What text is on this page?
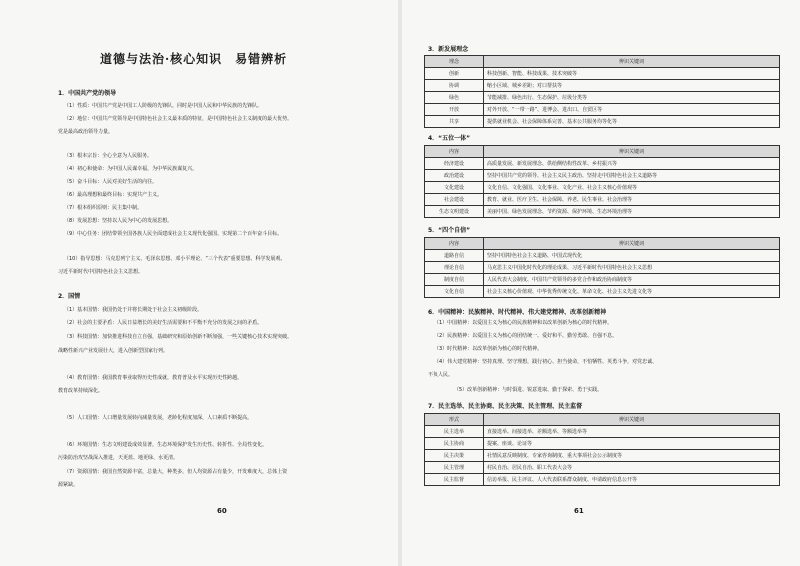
道德与法治·核心知识　易错辨析
1．中国共产党的领导
（1）性质：中国共产党是中国工人阶级的先锋队，同时是中国人民和中华民族的先锋队。
（2）地位：中国共产党领导是中国特色社会主义最本质的特征，是中国特色社会主义制度的最大优势。
党是最高政治领导力量。
（3）根本宗旨：全心全意为人民服务。
（4）初心和使命：为中国人民谋幸福，为中华民族谋复兴。
（5）奋斗目标：人民对美好生活的向往。
（6）最高理想和最终目标：实现共产主义。
（7）根本组织原则：民主集中制。
（8）发展思想：坚持以人民为中心的发展思想。
（9）中心任务：团结带领全国各族人民全面建成社会主义现代化强国、实现第二个百年奋斗目标。
（10）指导思想：马克思列宁主义、毛泽东思想、邓小平理论、“三个代表”重要思想、科学发展观、
习近平新时代中国特色社会主义思想。
2．国情
（1）基本国情：我国仍处于并将长期处于社会主义初级阶段。
（2）社会的主要矛盾：人民日益增长的美好生活需要和不平衡不充分的发展之间的矛盾。
（3）科技国情：加快推进科技自立自强，基础研究和原始创新不断加强，一些关键核心技术实现突破。
战略性新兴产业发展壮大，进入创新型国家行列。
（4）教育国情：我国教育事业取得历史性成就，教育普及水平实现历史性跨越。
教育改革持续深化。
（5）人口国情：人口增量发展转向减量发展，老龄化程度加深，人口素质不断提高。
（6）环境国情：生态文明建设成效显著，生态环境保护发生历史性、转折性、全局性变化。
污染防治攻坚战深入推进，天更蓝、地更绿、水更清。
（7）资源国情：我国自然资源丰富，总量大，种类多，但人均资源占有量少，开发难度大，总体上资
源紧缺。
60
3．新发展理念
理念	辨识关键词
创新	科技创新、智能、科技成果、技术突破等
协调	缩小区域、城乡差距；对口帮扶等
绿色	节能减排、绿色出行、生态保护、垃圾分类等
开放	对外开放、“一带一路”、进博会、进出口、自贸区等
共享	提供就业机会、社会保障体系完善、基本公共服务均等化等
4．“五位一体”
内容	辨识关键词
经济建设	高质量发展、新发展理念、供给侧结构性改革、乡村振兴等
政治建设	坚持中国共产党的领导、社会主义民主政治、坚持走中国特色社会主义道路等
文化建设	文化自信、文化强国、文化事业、文化产业、社会主义核心价值观等
社会建设	教育、就业、医疗卫生、社会保障、养老、民生事业、社会治理等
生态文明建设	美丽中国、绿色发展理念、节约资源、保护环境、生态环境治理等
5．“四个自信”
内容	辨识关键词
道路自信	坚持中国特色社会主义道路、中国式现代化
理论自信	马克思主义中国化时代化的理论成果、习近平新时代中国特色社会主义思想
制度自信	人民代表大会制度、中国共产党领导的多党合作和政治协商制度等
文化自信	社会主义核心价值观、中华优秀传统文化、革命文化、社会主义先进文化等
6．中国精神：民族精神、时代精神、伟大建党精神、改革创新精神
（1）中国精神：以爱国主义为核心的民族精神和以改革创新为核心的时代精神。
（2）民族精神：以爱国主义为核心的团结统一、爱好和平、勤劳勇敢、自强不息。
（3）时代精神：以改革创新为核心的时代精神。
（4）伟大建党精神：坚持真理、坚守理想，践行初心、担当使命，不怕牺牲、英勇斗争，对党忠诚、
不负人民。
（5）改革创新精神：与时俱进、锐意进取、勤于探索、勇于实践。
7．民主选举、民主协商、民主决策、民主管理、民主监督
形式	辨识关键词
民主选举	直接选举、间接选举、差额选举、等额选举等
民主协商	提案、座谈、论证等
民主决策	社情民意反映制度、专家咨询制度、重大事项社会公示制度等
民主管理	村民自治、居民自治、职工代表大会等
民主监督	信访举报、民主评议、人大代表联系群众制度、申请政府信息公开等
61
